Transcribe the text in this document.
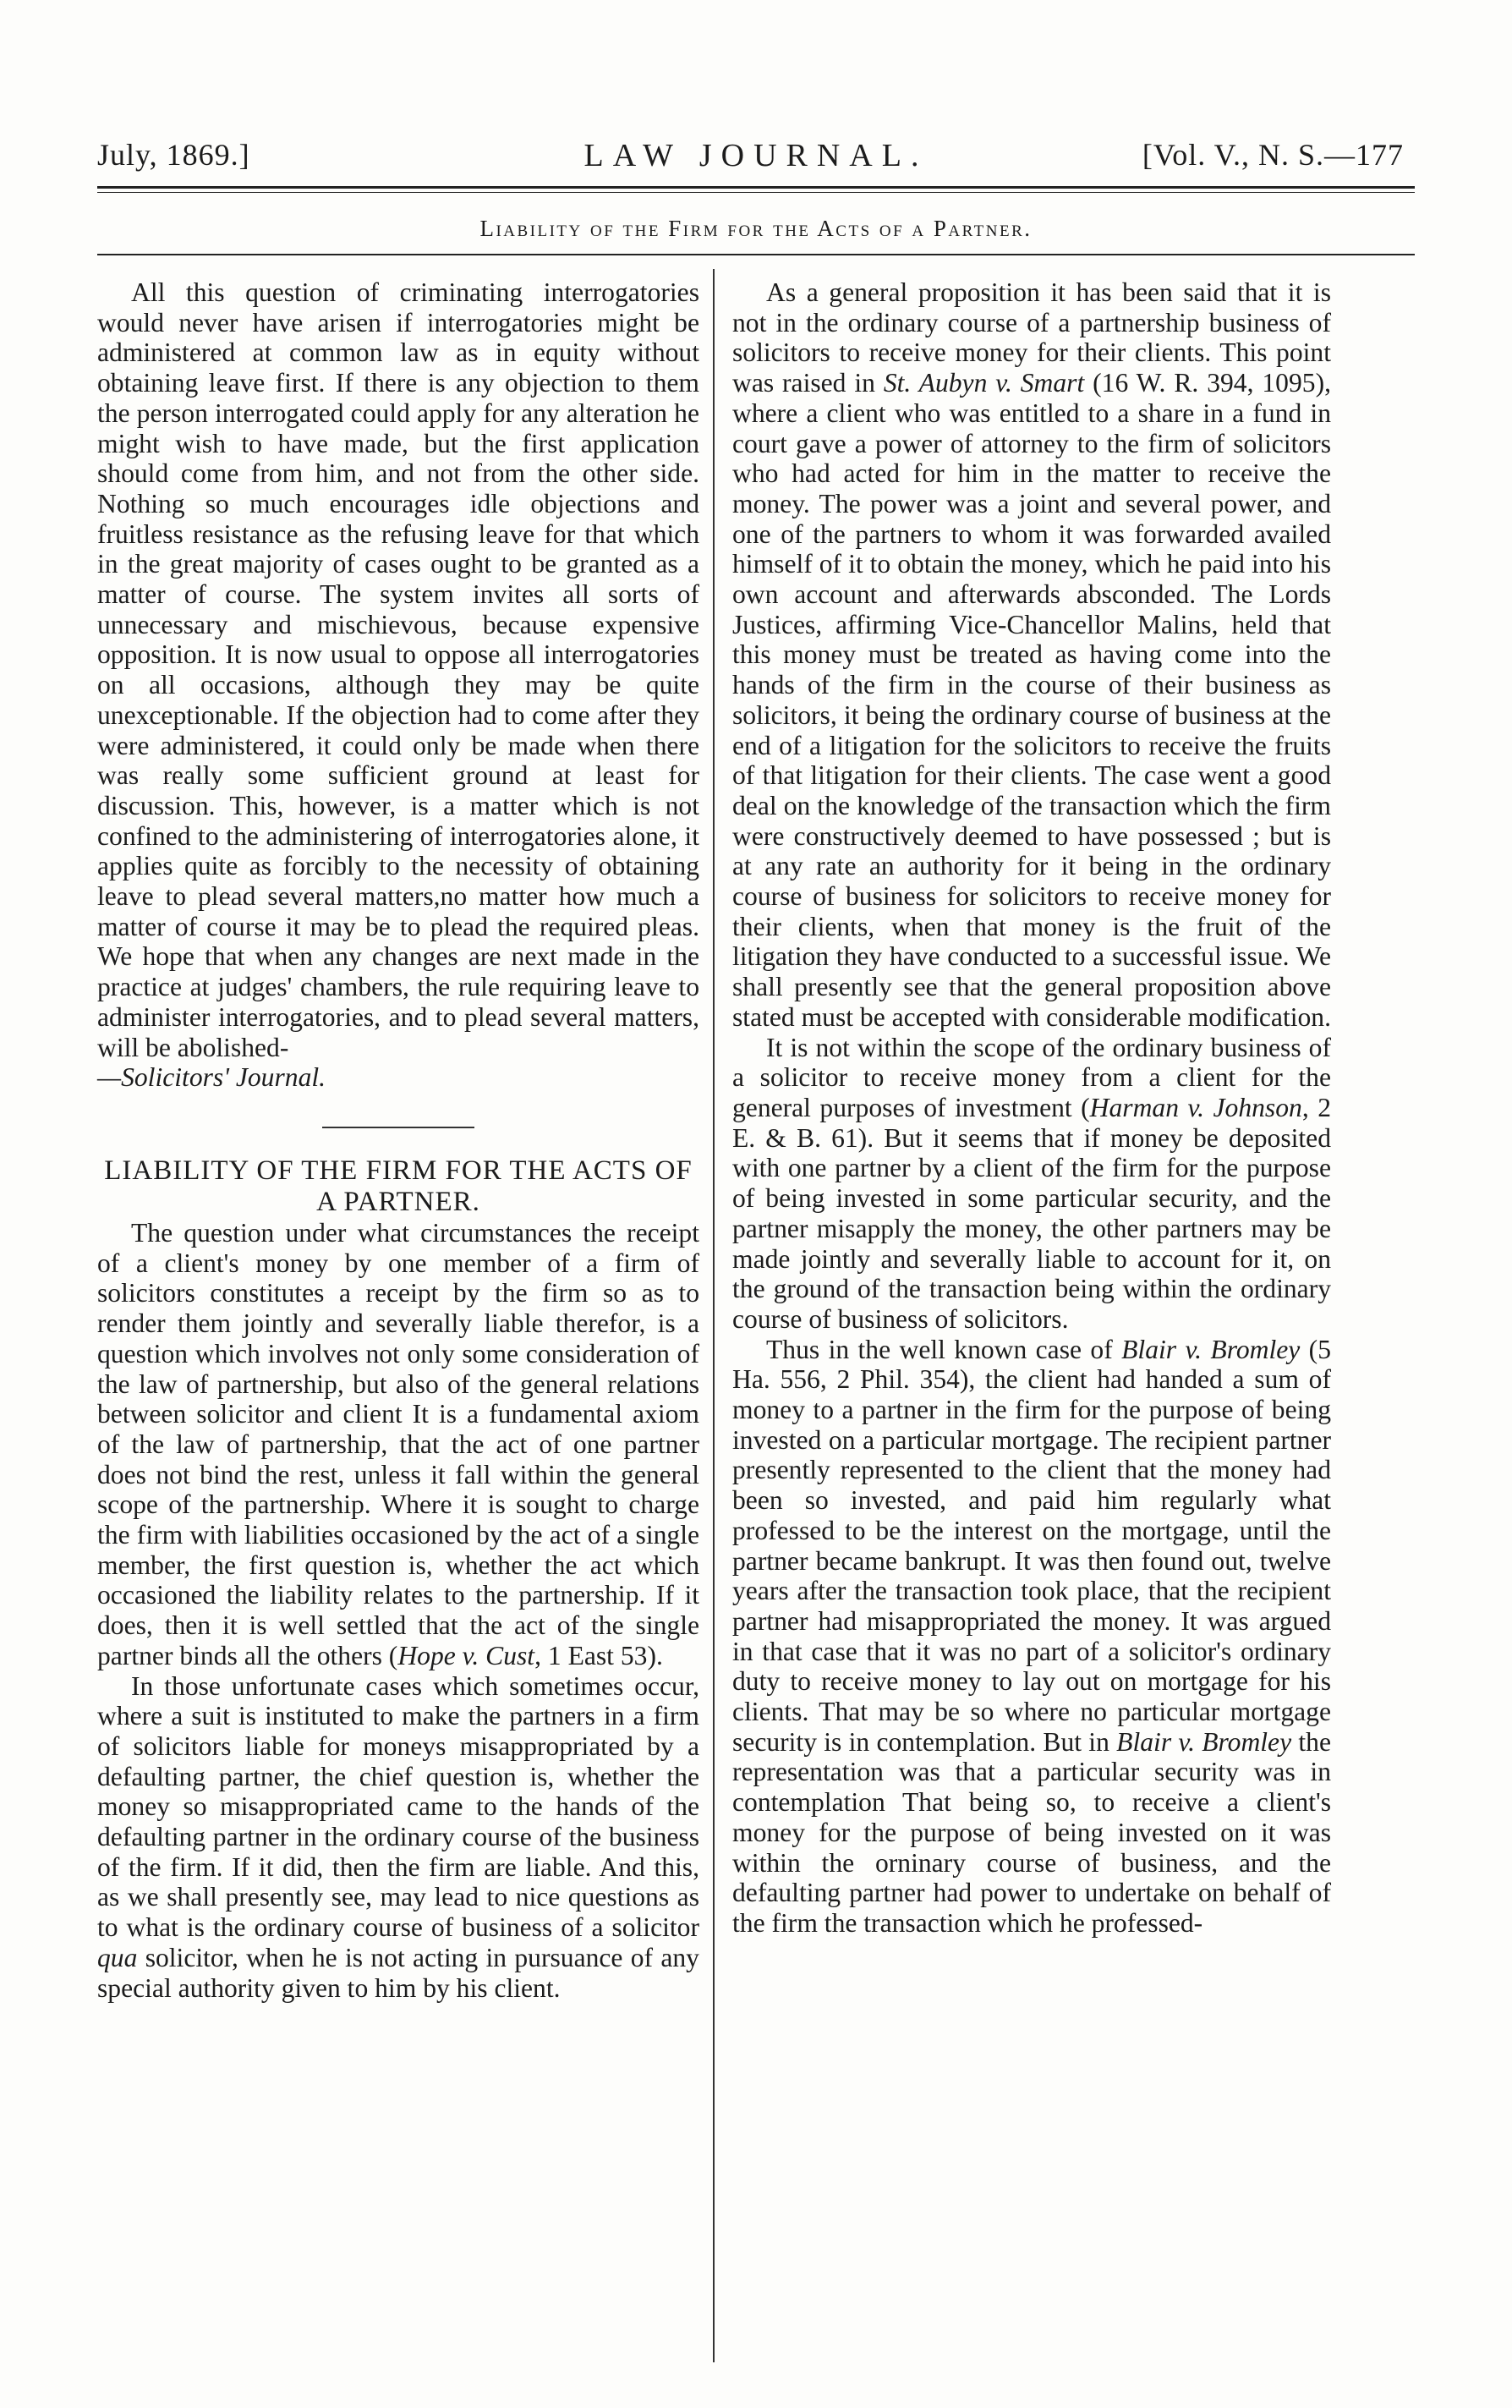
July, 1869.]	LAW JOURNAL.	[Vol. V., N. S.—177
Liability of the Firm for the Acts of a Partner.

All this question of criminating interrogatories would never have arisen if interrogatories might be administered at common law as in equity without obtaining leave first. If there is any objection to them the person interrogated could apply for any alteration he might wish to have made, but the first application should come from him, and not from the other side. Nothing so much encourages idle objections and fruitless resistance as the refusing leave for that which in the great majority of cases ought to be granted as a matter of course. The system invites all sorts of unnecessary and mischievous, because expensive opposition. It is now usual to oppose all interrogatories on all occasions, although they may be quite unexceptionable. If the objection had to come after they were administered, it could only be made when there was really some sufficient ground at least for discussion. This, however, is a matter which is not confined to the administering of interrogatories alone, it applies quite as forcibly to the necessity of obtaining leave to plead several matters,no matter how much a matter of course it may be to plead the required pleas. We hope that when any changes are next made in the practice at judges' chambers, the rule requiring leave to administer interrogatories, and to plead several matters, will be abolished-
—Solicitors' Journal.

LIABILITY OF THE FIRM FOR THE ACTS OF A PARTNER.

The question under what circumstances the receipt of a client's money by one member of a firm of solicitors constitutes a receipt by the firm so as to render them jointly and severally liable therefor, is a question which involves not only some consideration of the law of partnership, but also of the general relations between solicitor and client It is a fundamental axiom of the law of partnership, that the act of one partner does not bind the rest, unless it fall within the general scope of the partnership. Where it is sought to charge the firm with liabilities occasioned by the act of a single member, the first question is, whether the act which occasioned the liability relates to the partnership. If it does, then it is well settled that the act of the single partner binds all the others (Hope v. Cust, 1 East 53).

In those unfortunate cases which sometimes occur, where a suit is instituted to make the partners in a firm of solicitors liable for moneys misappropriated by a defaulting partner, the chief question is, whether the money so misappropriated came to the hands of the defaulting partner in the ordinary course of the business of the firm. If it did, then the firm are liable. And this, as we shall presently see, may lead to nice questions as to what is the ordinary course of business of a solicitor qua solicitor, when he is not acting in pursuance of any special authority given to him by his client.

As a general proposition it has been said that it is not in the ordinary course of a partnership business of solicitors to receive money for their clients. This point was raised in St. Aubyn v. Smart (16 W. R. 394, 1095), where a client who was entitled to a share in a fund in court gave a power of attorney to the firm of solicitors who had acted for him in the matter to receive the money. The power was a joint and several power, and one of the partners to whom it was forwarded availed himself of it to obtain the money, which he paid into his own account and afterwards absconded. The Lords Justices, affirming Vice-Chancellor Malins, held that this money must be treated as having come into the hands of the firm in the course of their business as solicitors, it being the ordinary course of business at the end of a litigation for the solicitors to receive the fruits of that litigation for their clients. The case went a good deal on the knowledge of the transaction which the firm were constructively deemed to have possessed ; but is at any rate an authority for it being in the ordinary course of business for solicitors to receive money for their clients, when that money is the fruit of the litigation they have conducted to a successful issue. We shall presently see that the general proposition above stated must be accepted with considerable modification.

It is not within the scope of the ordinary business of a solicitor to receive money from a client for the general purposes of investment (Harman v. Johnson, 2 E. & B. 61). But it seems that if money be deposited with one partner by a client of the firm for the purpose of being invested in some particular security, and the partner misapply the money, the other partners may be made jointly and severally liable to account for it, on the ground of the transaction being within the ordinary course of business of solicitors.

Thus in the well known case of Blair v. Bromley (5 Ha. 556, 2 Phil. 354), the client had handed a sum of money to a partner in the firm for the purpose of being invested on a particular mortgage. The recipient partner presently represented to the client that the money had been so invested, and paid him regularly what professed to be the interest on the mortgage, until the partner became bankrupt. It was then found out, twelve years after the transaction took place, that the recipient partner had misappropriated the money. It was argued in that case that it was no part of a solicitor's ordinary duty to receive money to lay out on mortgage for his clients. That may be so where no particular mortgage security is in contemplation. But in Blair v. Bromley the representation was that a particular security was in contemplation That being so, to receive a client's money for the purpose of being invested on it was within the orninary course of business, and the defaulting partner had power to undertake on behalf of the firm the transaction which he professed-
